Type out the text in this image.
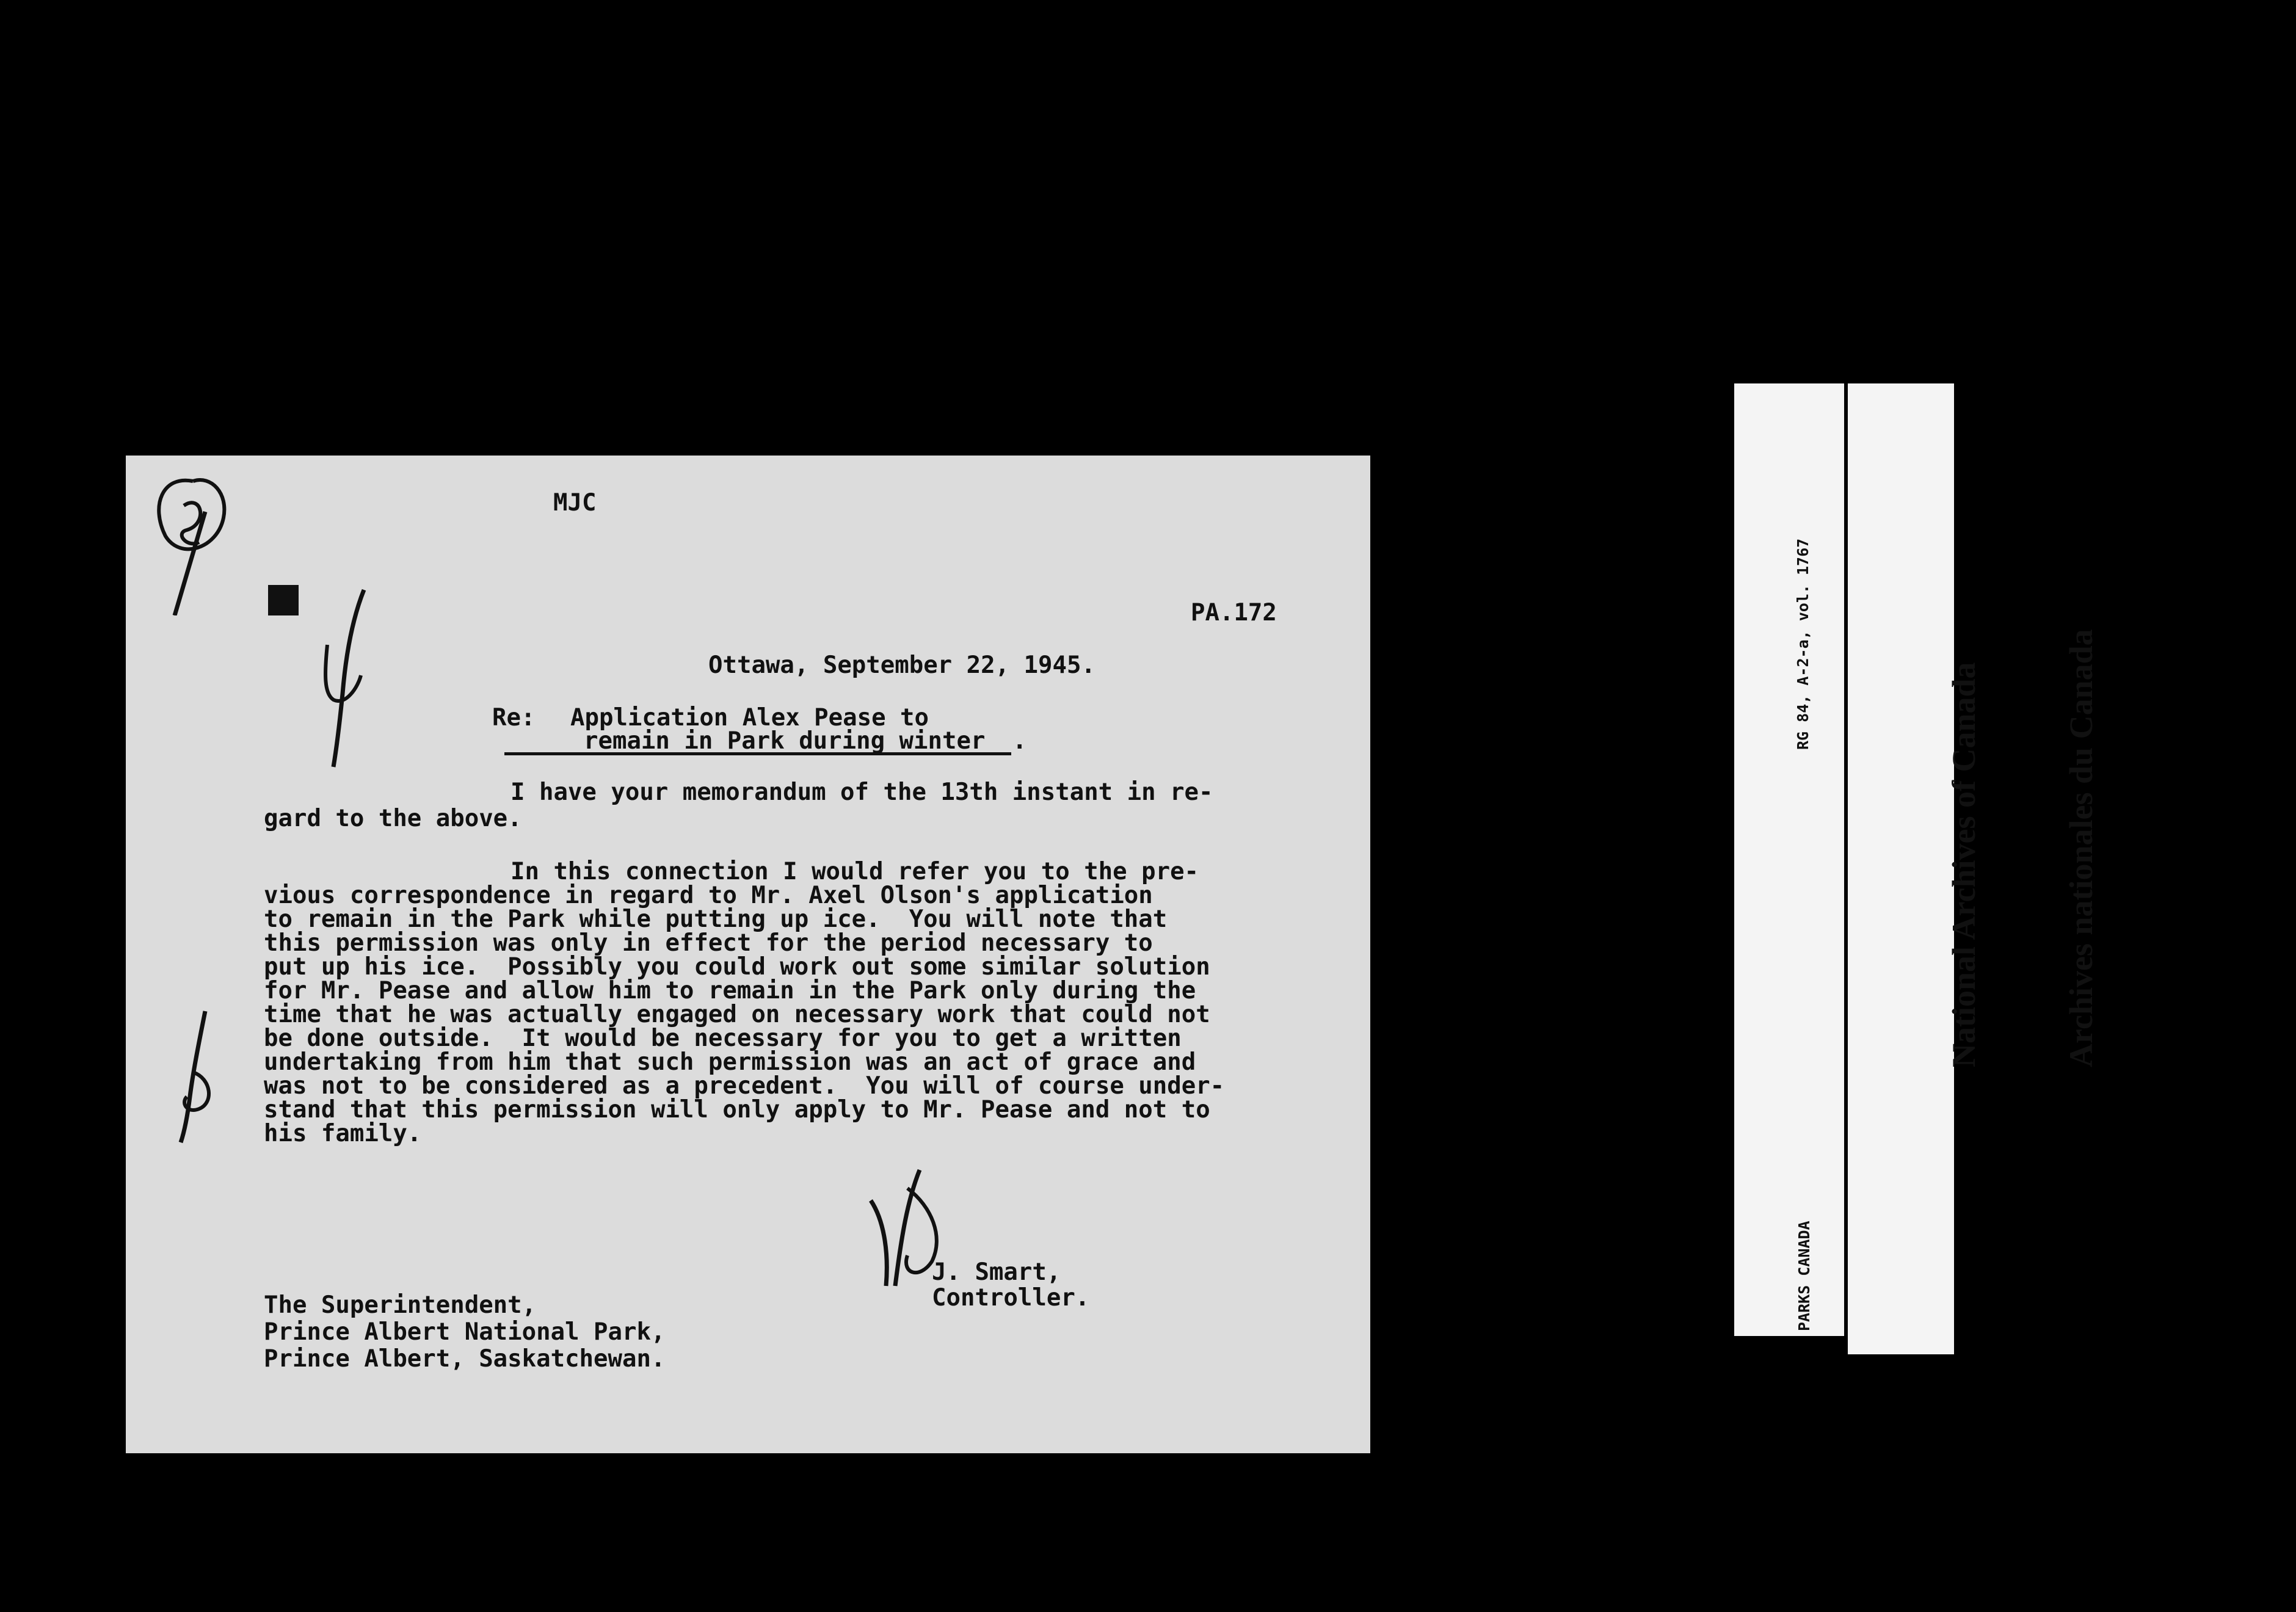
MJC
PA.172
Ottawa, September 22, 1945.
Re: Application Alex Pease to
remain in Park during winter .
I have your memorandum of the 13th instant in re-
gard to the above.
In this connection I would refer you to the pre-
vious correspondence in regard to Mr. Axel Olson's application
to remain in the Park while putting up ice.  You will note that
this permission was only in effect for the period necessary to
put up his ice.  Possibly you could work out some similar solution
for Mr. Pease and allow him to remain in the Park only during the
time that he was actually engaged on necessary work that could not
be done outside.  It would be necessary for you to get a written
undertaking from him that such permission was an act of grace and
was not to be considered as a precedent.  You will of course under-
stand that this permission will only apply to Mr. Pease and not to
his family.
J. Smart,
Controller.
The Superintendent,
Prince Albert National Park,
Prince Albert, Saskatchewan.

RG 84, A-2-a, vol. 1767

PARKS CANADA

National Archives of Canada

Archives nationales du Canada
